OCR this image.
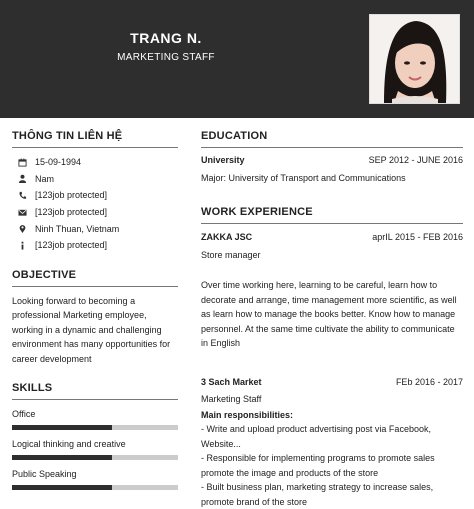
TRANG N.
MARKETING STAFF
THÔNG TIN LIÊN HỆ
15-09-1994
Nam
[123job protected]
[123job protected]
Ninh Thuan, Vietnam
[123job protected]
OBJECTIVE
Looking forward to becoming a professional Marketing employee, working in a dynamic and challenging environment has many opportunities for career development
SKILLS
Office
Logical thinking and creative
Public Speaking
EDUCATION
University	SEP 2012 - JUNE 2016
Major: University of Transport and Communications
WORK EXPERIENCE
ZAKKA JSC	aprIL 2015 - FEB 2016
Store manager
Over time working here, learning to be careful, learn how to decorate and arrange, time management more scientific, as well as learn how to manage the books better. Know how to manage personnel. At the same time cultivate the ability to communicate in English
3 Sach Market	FEb 2016 - 2017
Marketing Staff
Main responsibilities:
- Write and upload product advertising post via Facebook, Website...
- Responsible for implementing programs to promote sales promote the image and products of the store
- Built business plan, marketing strategy to increase sales, promote brand of the store
